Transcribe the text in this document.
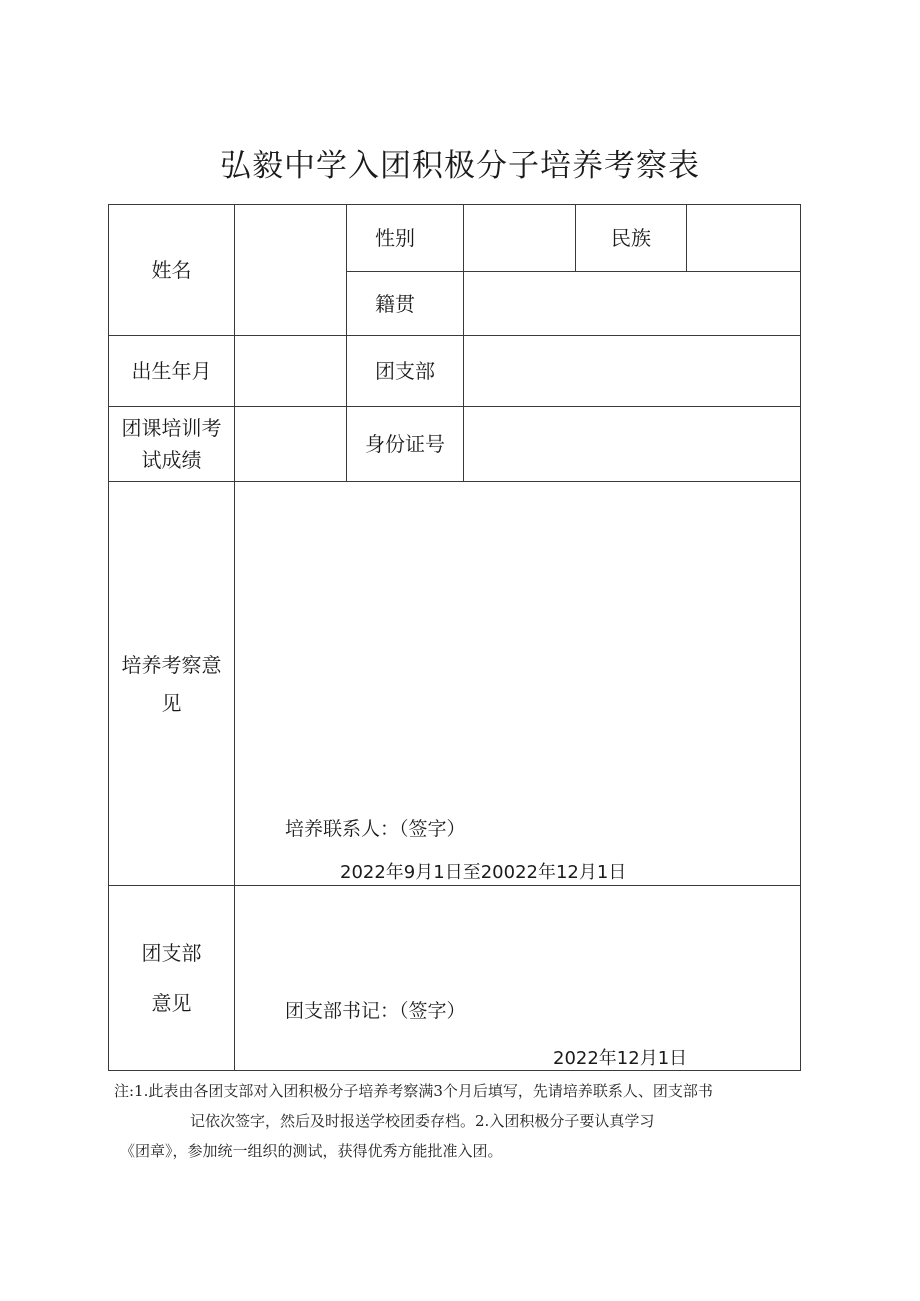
弘毅中学入团积极分子培养考察表
姓名
性别	民族
籍贯
出生年月	团支部
团课培训考
试成绩
身份证号
培养考察意
见
团支部
意见
培养联系人：（签字）
2022年9月1日至20022年12月1日
团支部书记：（签字）
2022年12月1日
注:1.此表由各团支部对入团积极分子培养考察满3个月后填写，先请培养联系人、团支部书
记依次签字，然后及时报送学校团委存档。2.入团积极分子要认真学习
《团章》，参加统一组织的测试，获得优秀方能批准入团。
